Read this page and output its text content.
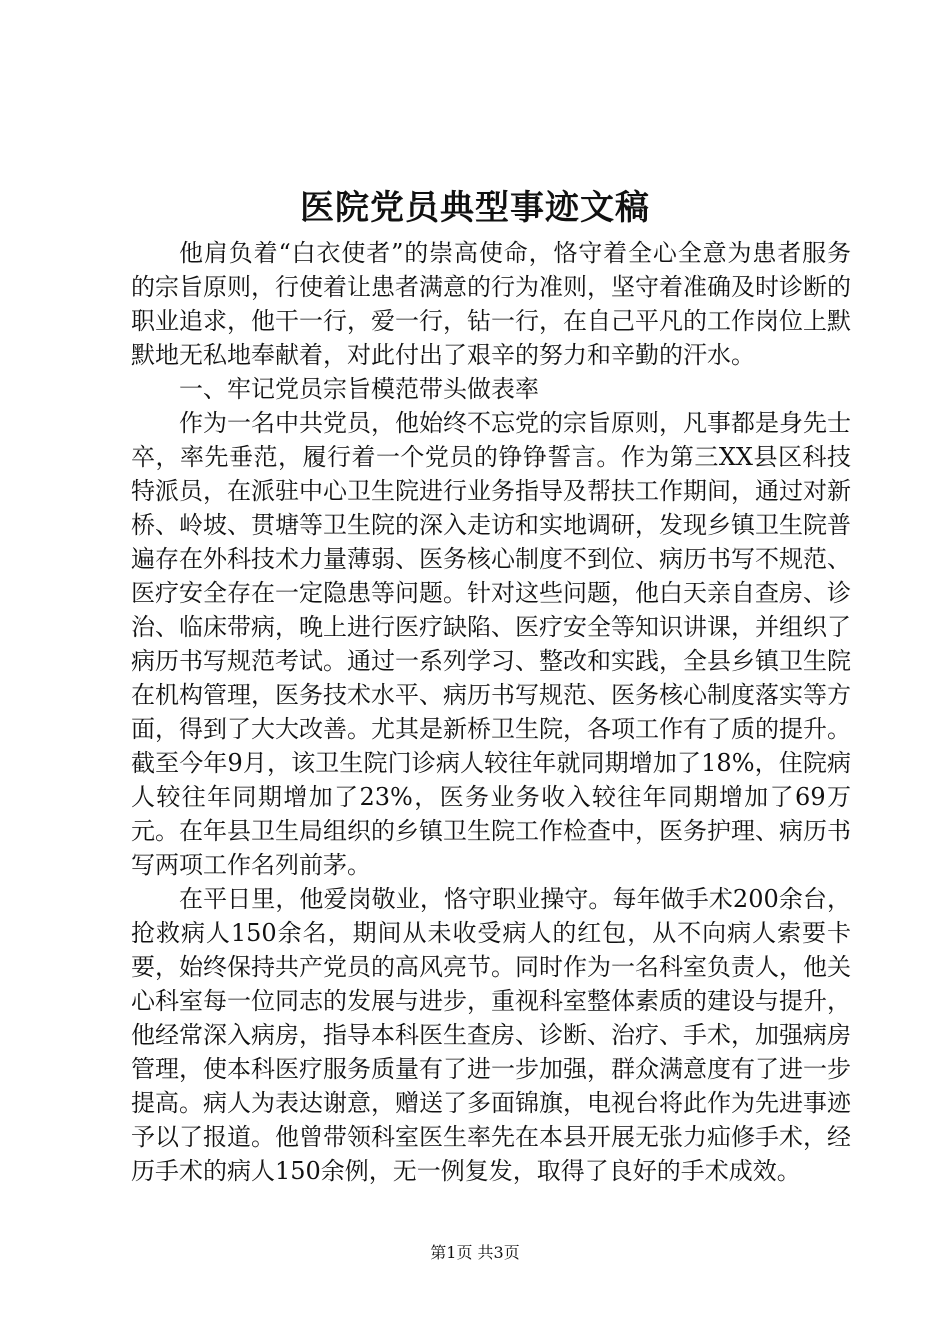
医院党员典型事迹文稿

他肩负着“白衣使者”的崇高使命，恪守着全心全意为患者服务的宗旨原则，行使着让患者满意的行为准则，坚守着准确及时诊断的职业追求，他干一行，爱一行，钻一行，在自己平凡的工作岗位上默默地无私地奉献着，对此付出了艰辛的努力和辛勤的汗水。

一、牢记党员宗旨模范带头做表率

作为一名中共党员，他始终不忘党的宗旨原则，凡事都是身先士卒，率先垂范，履行着一个党员的铮铮誓言。作为第三XX县区科技特派员，在派驻中心卫生院进行业务指导及帮扶工作期间，通过对新桥、岭坡、贯塘等卫生院的深入走访和实地调研，发现乡镇卫生院普遍存在外科技术力量薄弱、医务核心制度不到位、病历书写不规范、医疗安全存在一定隐患等问题。针对这些问题，他白天亲自查房、诊治、临床带病，晚上进行医疗缺陷、医疗安全等知识讲课，并组织了病历书写规范考试。通过一系列学习、整改和实践，全县乡镇卫生院在机构管理，医务技术水平、病历书写规范、医务核心制度落实等方面，得到了大大改善。尤其是新桥卫生院，各项工作有了质的提升。截至今年9月，该卫生院门诊病人较往年就同期增加了18%，住院病人较往年同期增加了23%，医务业务收入较往年同期增加了69万元。在年县卫生局组织的乡镇卫生院工作检查中，医务护理、病历书写两项工作名列前茅。

在平日里，他爱岗敬业，恪守职业操守。每年做手术200余台，抢救病人150余名，期间从未收受病人的红包，从不向病人索要卡要，始终保持共产党员的高风亮节。同时作为一名科室负责人，他关心科室每一位同志的发展与进步，重视科室整体素质的建设与提升，他经常深入病房，指导本科医生查房、诊断、治疗、手术，加强病房管理，使本科医疗服务质量有了进一步加强，群众满意度有了进一步提高。病人为表达谢意，赠送了多面锦旗，电视台将此作为先进事迹予以了报道。他曾带领科室医生率先在本县开展无张力疝修手术，经历手术的病人150余例，无一例复发，取得了良好的手术成效。

第1页 共3页
